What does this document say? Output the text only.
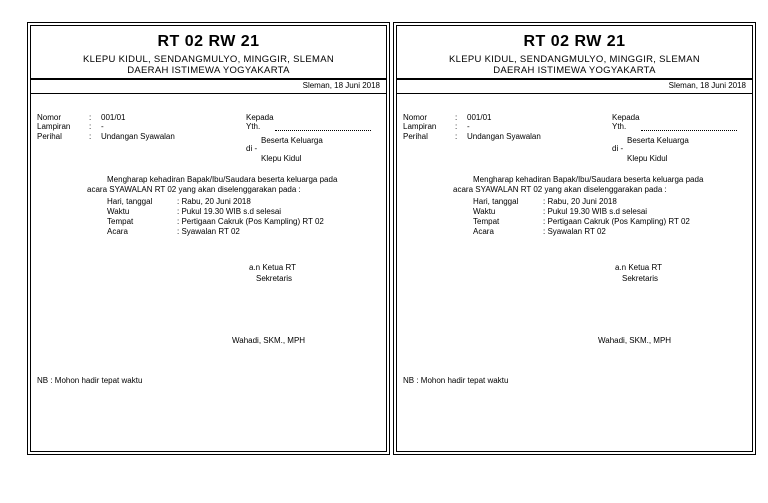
RT 02 RW 21
KLEPU KIDUL, SENDANGMULYO, MINGGIR, SLEMAN
DAERAH ISTIMEWA YOGYAKARTA
Sleman, 18 Juni 2018
Nomor	: 001/01
Lampiran : -
Perihal	: Undangan Syawalan
Kepada
Yth.
Beserta Keluarga
di -
Klepu Kidul
Mengharap kehadiran Bapak/Ibu/Saudara beserta keluarga pada
acara SYAWALAN RT 02 yang akan diselenggarakan pada :
Hari, tanggal	: Rabu, 20 Juni 2018
Waktu	: Pukul 19.30 WIB s.d selesai
Tempat	: Pertigaan Cakruk (Pos Kampling) RT 02
Acara	: Syawalan RT 02
a.n Ketua RT
Sekretaris
Wahadi, SKM., MPH
NB : Mohon hadir tepat waktu
RT 02 RW 21
KLEPU KIDUL, SENDANGMULYO, MINGGIR, SLEMAN
DAERAH ISTIMEWA YOGYAKARTA
Sleman, 18 Juni 2018
Nomor	: 001/01
Lampiran : -
Perihal	: Undangan Syawalan
Kepada
Yth.
Beserta Keluarga
di -
Klepu Kidul
Mengharap kehadiran Bapak/Ibu/Saudara beserta keluarga pada
acara SYAWALAN RT 02 yang akan diselenggarakan pada :
Hari, tanggal	: Rabu, 20 Juni 2018
Waktu	: Pukul 19.30 WIB s.d selesai
Tempat	: Pertigaan Cakruk (Pos Kampling) RT 02
Acara	: Syawalan RT 02
a.n Ketua RT
Sekretaris
Wahadi, SKM., MPH
NB : Mohon hadir tepat waktu
